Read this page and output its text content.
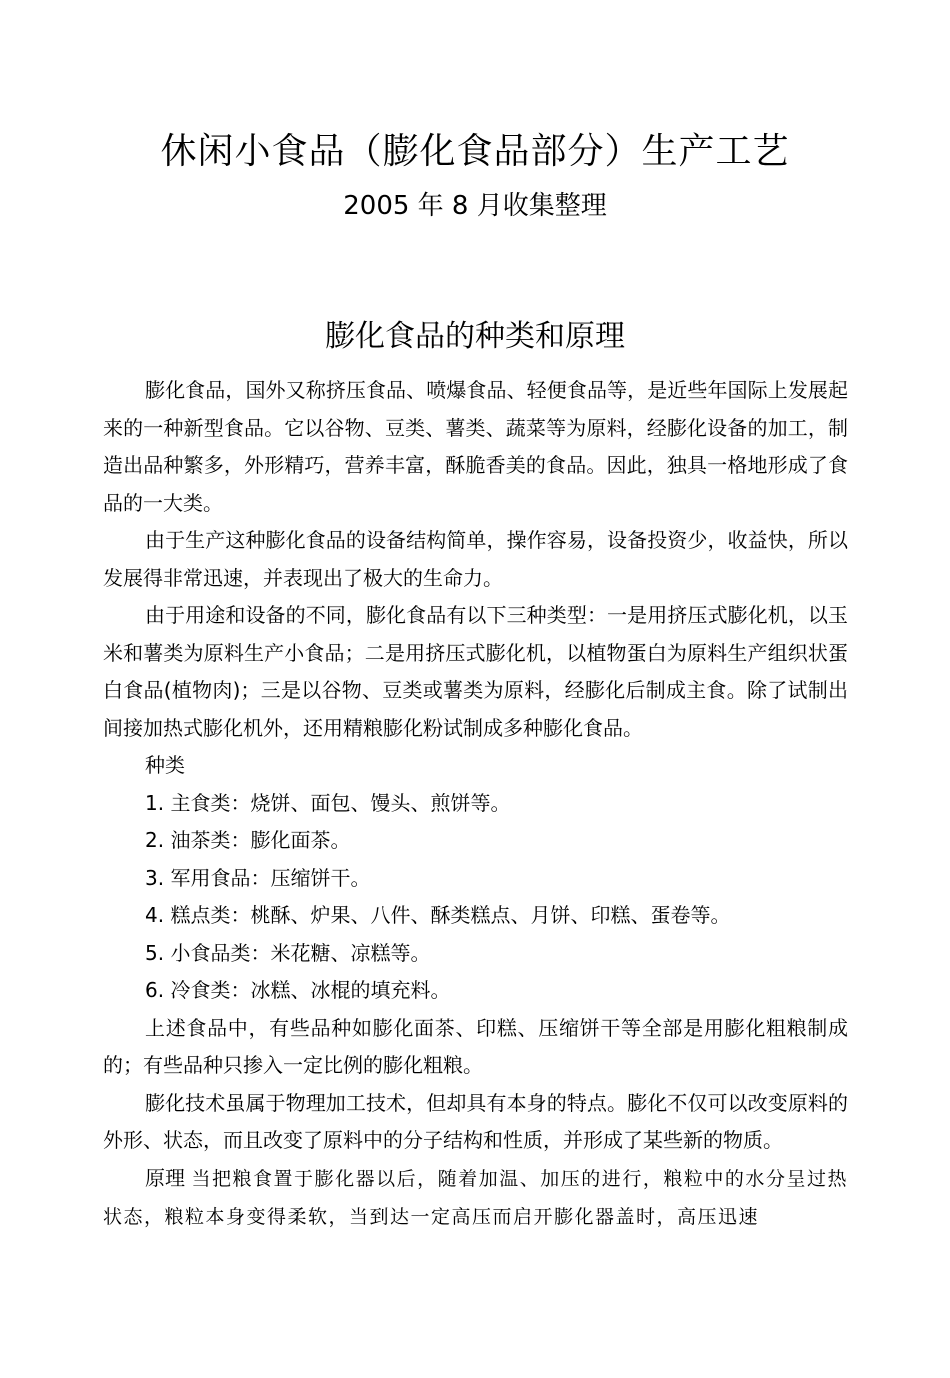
休闲小食品（膨化食品部分）生产工艺
2005 年 8 月收集整理
膨化食品的种类和原理

膨化食品，国外又称挤压食品、喷爆食品、轻便食品等，是近些年国际上发展起来的一种新型食品。它以谷物、豆类、薯类、蔬菜等为原料，经膨化设备的加工，制造出品种繁多，外形精巧，营养丰富，酥脆香美的食品。因此，独具一格地形成了食品的一大类。

由于生产这种膨化食品的设备结构简单，操作容易，设备投资少，收益快，所以发展得非常迅速，并表现出了极大的生命力。

由于用途和设备的不同，膨化食品有以下三种类型：一是用挤压式膨化机，以玉米和薯类为原料生产小食品；二是用挤压式膨化机，以植物蛋白为原料生产组织状蛋白食品(植物肉)；三是以谷物、豆类或薯类为原料，经膨化后制成主食。除了试制出间接加热式膨化机外，还用精粮膨化粉试制成多种膨化食品。

种类

1. 主食类：烧饼、面包、馒头、煎饼等。

2. 油茶类：膨化面茶。

3. 军用食品：压缩饼干。

4. 糕点类：桃酥、炉果、八件、酥类糕点、月饼、印糕、蛋卷等。

5. 小食品类：米花糖、凉糕等。

6. 冷食类：冰糕、冰棍的填充料。

上述食品中，有些品种如膨化面茶、印糕、压缩饼干等全部是用膨化粗粮制成的；有些品种只掺入一定比例的膨化粗粮。

膨化技术虽属于物理加工技术，但却具有本身的特点。膨化不仅可以改变原料的外形、状态，而且改变了原料中的分子结构和性质，并形成了某些新的物质。

原理 当把粮食置于膨化器以后，随着加温、加压的进行，粮粒中的水分呈过热状态，粮粒本身变得柔软，当到达一定高压而启开膨化器盖时，高压迅速
